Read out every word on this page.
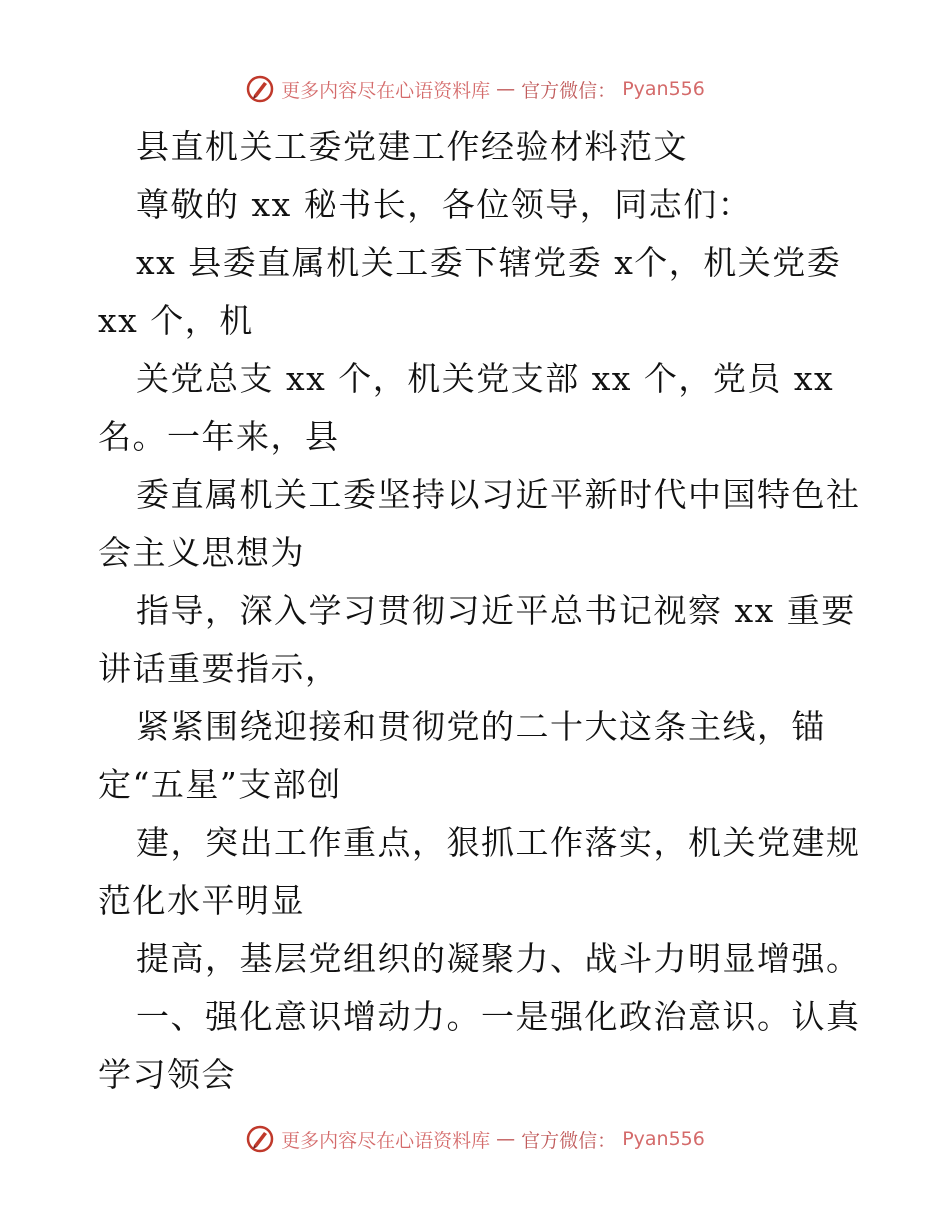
更多内容尽在心语资料库 — 官方微信： Pyan556
县直机关工委党建工作经验材料范文
尊敬的 xx 秘书长，各位领导，同志们：
xx 县委直属机关工委下辖党委 x个，机关党委
xx 个，机
关党总支 xx 个，机关党支部 xx 个，党员 xx
名。一年来，县
委直属机关工委坚持以习近平新时代中国特色社
会主义思想为
指导，深入学习贯彻习近平总书记视察 xx 重要
讲话重要指示，
紧紧围绕迎接和贯彻党的二十大这条主线，锚
定“五星”支部创
建，突出工作重点，狠抓工作落实，机关党建规
范化水平明显
提高，基层党组织的凝聚力、战斗力明显增强。
一、强化意识增动力。一是强化政治意识。认真
学习领会
更多内容尽在心语资料库 — 官方微信： Pyan556
